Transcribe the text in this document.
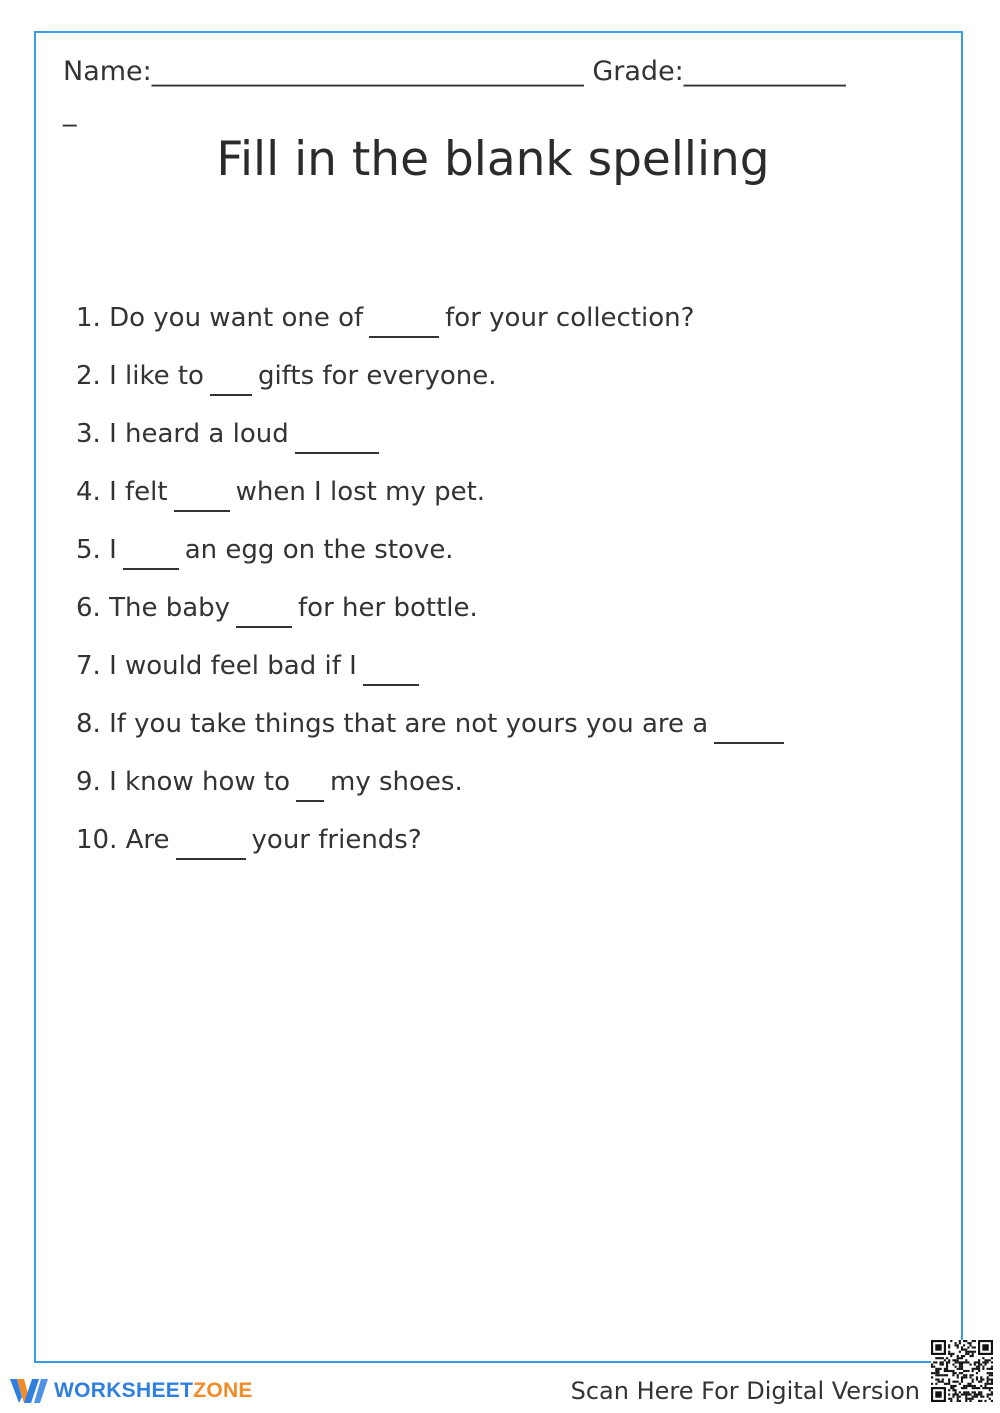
Name:________________________________ Grade:____________
_
Fill in the blank spelling
1. Do you want one of	for your collection?
2. I like to gifts for everyone.
3. I heard a loud
4. I felt	when I lost my pet.
5. I	an egg on the stove.
6. The baby	for her bottle.
7. I would feel bad if I
8. If you take things that are not yours you are a
9. I know how to my shoes.
10. Are	your friends?
WORKSHEETZONE	Scan Here For Digital Version
